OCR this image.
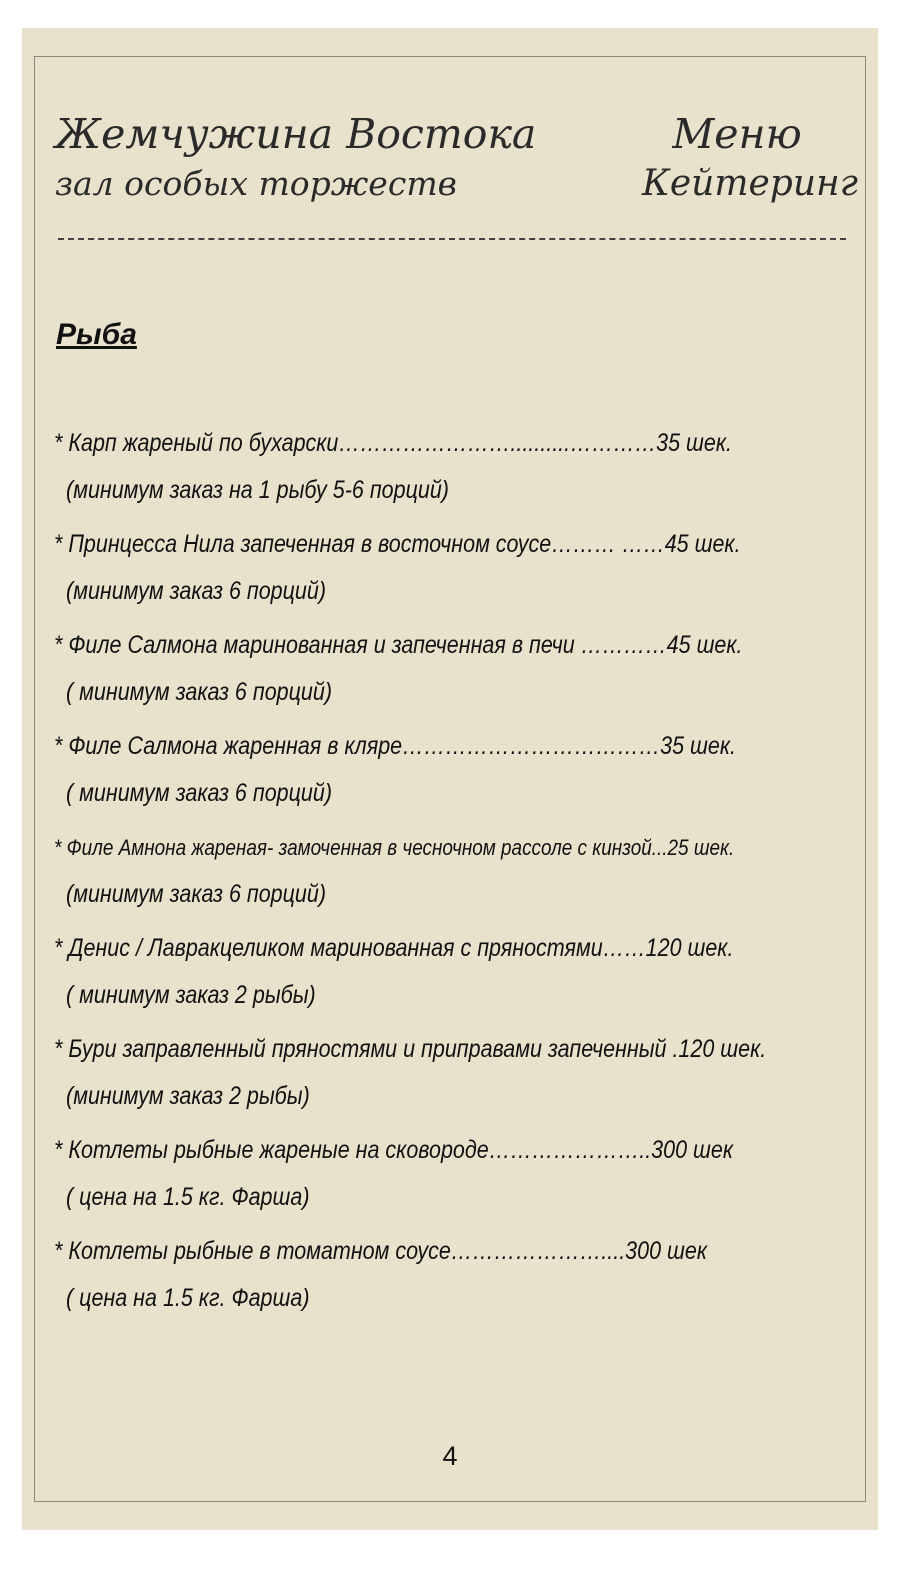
Жемчужина Востока
зал особых торжеств
Меню
Кейтеринг
Рыба
* Карп жареный по бухарски……………………..........…………35 шек.
(минимум заказ на 1 рыбу 5-6 порций)
* Принцесса Нила запеченная в восточном соусе……… ……45 шек.
(минимум заказ 6 порций)
* Филе Салмона маринованная и запеченная в печи …………45 шек.
( минимум заказ 6 порций)
* Филе Салмона жаренная в кляре………………………………35 шек.
( минимум заказ 6 порций)
* Филе Амнона жареная- замоченная в чесночном рассоле с кинзой...25 шек.
(минимум заказ 6 порций)
* Денис / Лавракцеликом маринованная с пряностями……120 шек.
( минимум заказ 2 рыбы)
* Бури заправленный пряностями и приправами запеченный .120 шек.
(минимум заказ 2 рыбы)
* Котлеты рыбные жареные на сковороде…………………..300 шек
( цена на 1.5 кг. Фарша)
* Котлеты рыбные в томатном соусе…………………....300 шек
( цена на 1.5 кг. Фарша)
4
